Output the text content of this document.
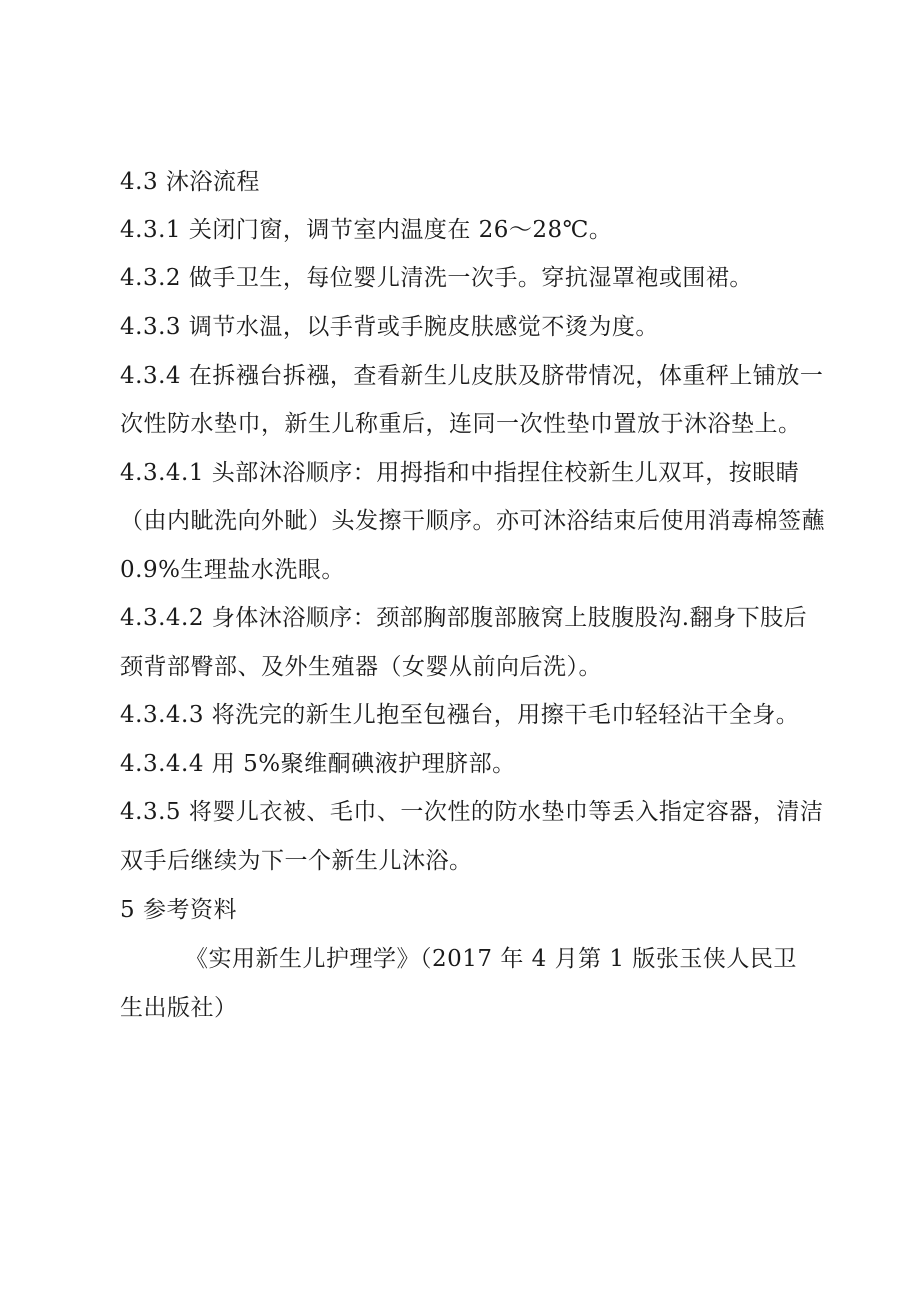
4.3 沐浴流程
4.3.1 关闭门窗，调节室内温度在 26～28℃。
4.3.2 做手卫生，每位婴儿清洗一次手。穿抗湿罩袍或围裙。
4.3.3 调节水温，以手背或手腕皮肤感觉不烫为度。
4.3.4 在拆襁台拆襁，查看新生儿皮肤及脐带情况，体重秤上铺放一
次性防水垫巾，新生儿称重后，连同一次性垫巾置放于沐浴垫上。
4.3.4.1 头部沐浴顺序：用拇指和中指捏住校新生儿双耳，按眼睛
（由内眦洗向外眦）头发擦干顺序。亦可沐浴结束后使用消毒棉签蘸
0.9%生理盐水洗眼。
4.3.4.2 身体沐浴顺序：颈部胸部腹部腋窝上肢腹股沟.翻身下肢后
颈背部臀部、及外生殖器（女婴从前向后洗）。
4.3.4.3 将洗完的新生儿抱至包襁台，用擦干毛巾轻轻沾干全身。
4.3.4.4 用 5%聚维酮碘液护理脐部。
4.3.5 将婴儿衣被、毛巾、一次性的防水垫巾等丢入指定容器，清洁
双手后继续为下一个新生儿沐浴。
5 参考资料
《实用新生儿护理学》（2017 年 4 月第 1 版张玉侠人民卫
生出版社）
